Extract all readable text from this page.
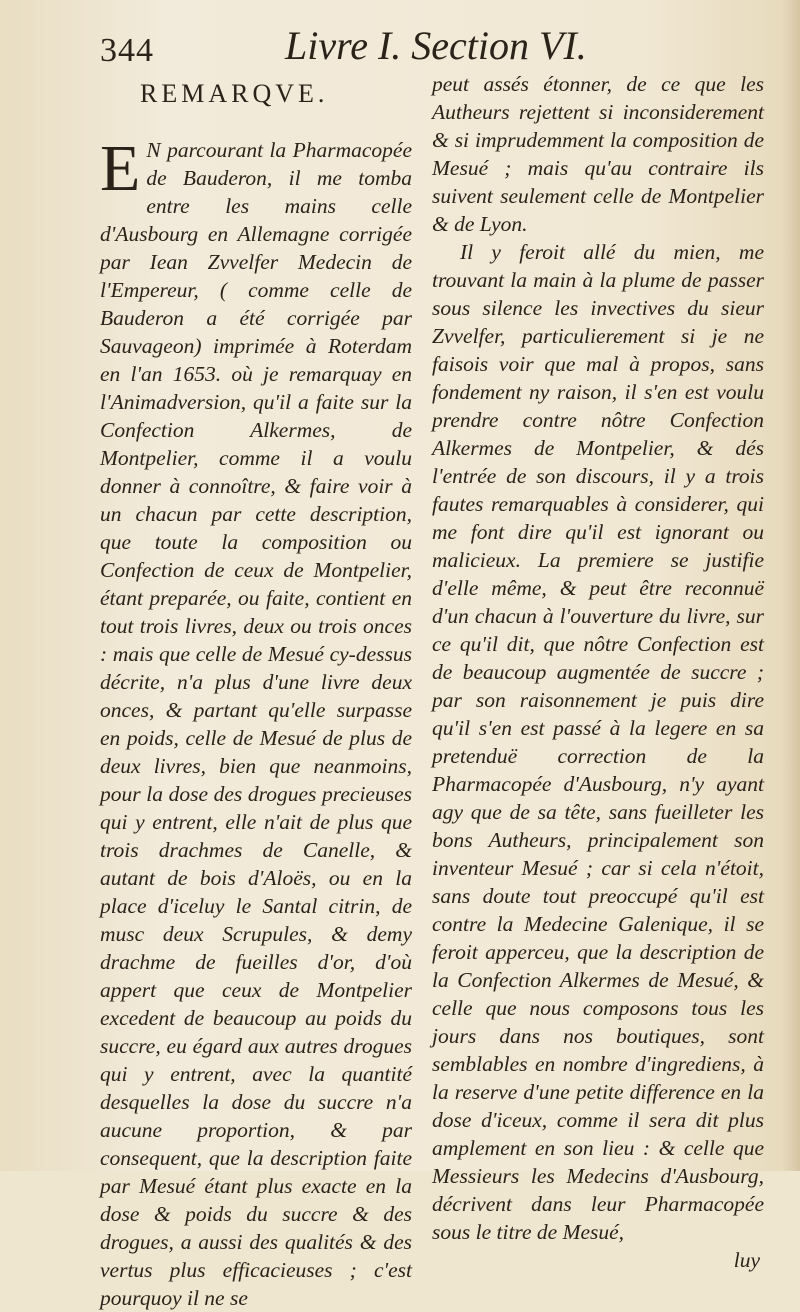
344	Livre I. Section VI.
REMARQVE.

E N parcourant la Pharmacopée de Bauderon, il me tomba entre les mains celle d'Ausbourg en Allemagne corrigée par Iean Zvvelfer Medecin de l'Empereur, ( comme celle de Bauderon a été corrigée par Sauvageon) imprimée à Roterdam en l'an 1653. où je remarquay en l'Animadversion, qu'il a faite sur la Confection Alkermes, de Montpelier, comme il a voulu donner à connoître, & faire voir à un chacun par cette description, que toute la composition ou Confection de ceux de Montpelier, étant preparée, ou faite, contient en tout trois livres, deux ou trois onces : mais que celle de Mesué cy-dessus décrite, n'a plus d'une livre deux onces, & partant qu'elle surpasse en poids, celle de Mesué de plus de deux livres, bien que neanmoins, pour la dose des drogues precieuses qui y entrent, elle n'ait de plus que trois drachmes de Canelle, & autant de bois d'Aloës, ou en la place d'iceluy le Santal citrin, de musc deux Scrupules, & demy drachme de fueilles d'or, d'où appert que ceux de Montpelier excedent de beaucoup au poids du succre, eu égard aux autres drogues qui y entrent, avec la quantité desquelles la dose du succre n'a aucune proportion, & par consequent, que la description faite par Mesué étant plus exacte en la dose & poids du succre & des drogues, a aussi des qualités & des vertus plus efficacieuses ; c'est pourquoy il ne se

peut assés étonner, de ce que les Autheurs rejettent si inconsiderement & si imprudemment la composition de Mesué ; mais qu'au contraire ils suivent seulement celle de Montpelier & de Lyon.

Il y feroit allé du mien, me trouvant la main à la plume de passer sous silence les invectives du sieur Zvvelfer, particulierement si je ne faisois voir que mal à propos, sans fondement ny raison, il s'en est voulu prendre contre nôtre Confection Alkermes de Montpelier, & dés l'entrée de son discours, il y a trois fautes remarquables à considerer, qui me font dire qu'il est ignorant ou malicieux. La premiere se justifie d'elle même, & peut être reconnuë d'un chacun à l'ouverture du livre, sur ce qu'il dit, que nôtre Confection est de beaucoup augmentée de succre ; par son raisonnement je puis dire qu'il s'en est passé à la legere en sa pretenduë correction de la Pharmacopée d'Ausbourg, n'y ayant agy que de sa tête, sans fueilleter les bons Autheurs, principalement son inventeur Mesué ; car si cela n'étoit, sans doute tout preoccupé qu'il est contre la Medecine Galenique, il se feroit apperceu, que la description de la Confection Alkermes de Mesué, & celle que nous composons tous les jours dans nos boutiques, sont semblables en nombre d'ingrediens, à la reserve d'une petite difference en la dose d'iceux, comme il sera dit plus amplement en son lieu : & celle que Messieurs les Medecins d'Ausbourg, décrivent dans leur Pharmacopée sous le titre de Mesué,

luy
